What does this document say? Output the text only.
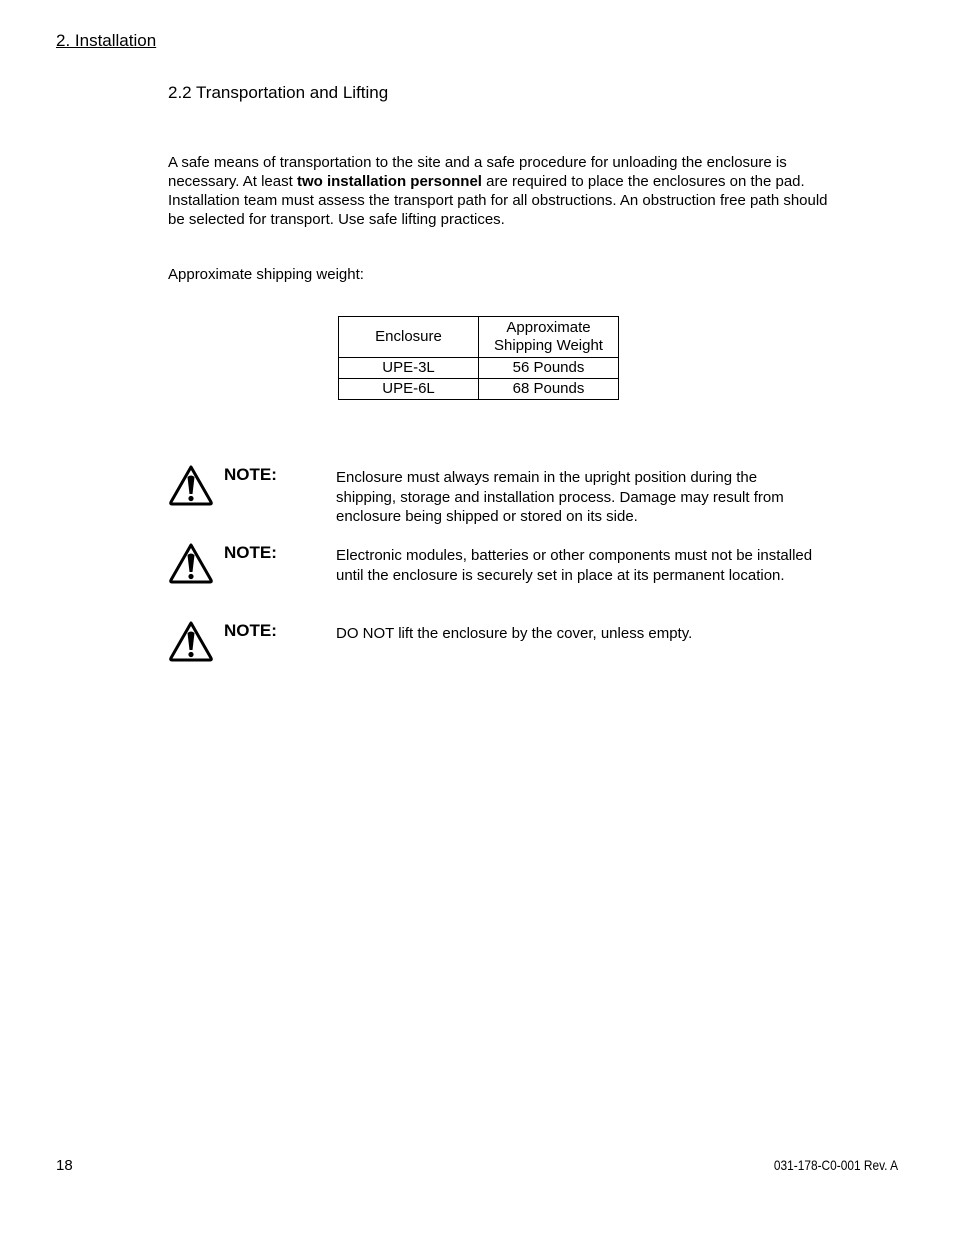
2. Installation
2.2 Transportation and Lifting
A safe means of transportation to the site and a safe procedure for unloading the enclosure is necessary. At least two installation personnel are required to place the enclosures on the pad. Installation team must assess the transport path for all obstructions. An obstruction free path should be selected for transport. Use safe lifting practices.
Approximate shipping weight:
Enclosure	Approximate Shipping Weight

UPE-3L	56 Pounds
UPE-6L	68 Pounds
NOTE:	Enclosure must always remain in the upright position during the shipping, storage and installation process. Damage may result from enclosure being shipped or stored on its side.
NOTE:	Electronic modules, batteries or other components must not be installed until the enclosure is securely set in place at its permanent location.
NOTE:	DO NOT lift the enclosure by the cover, unless empty.
18	031-178-C0-001 Rev. A
